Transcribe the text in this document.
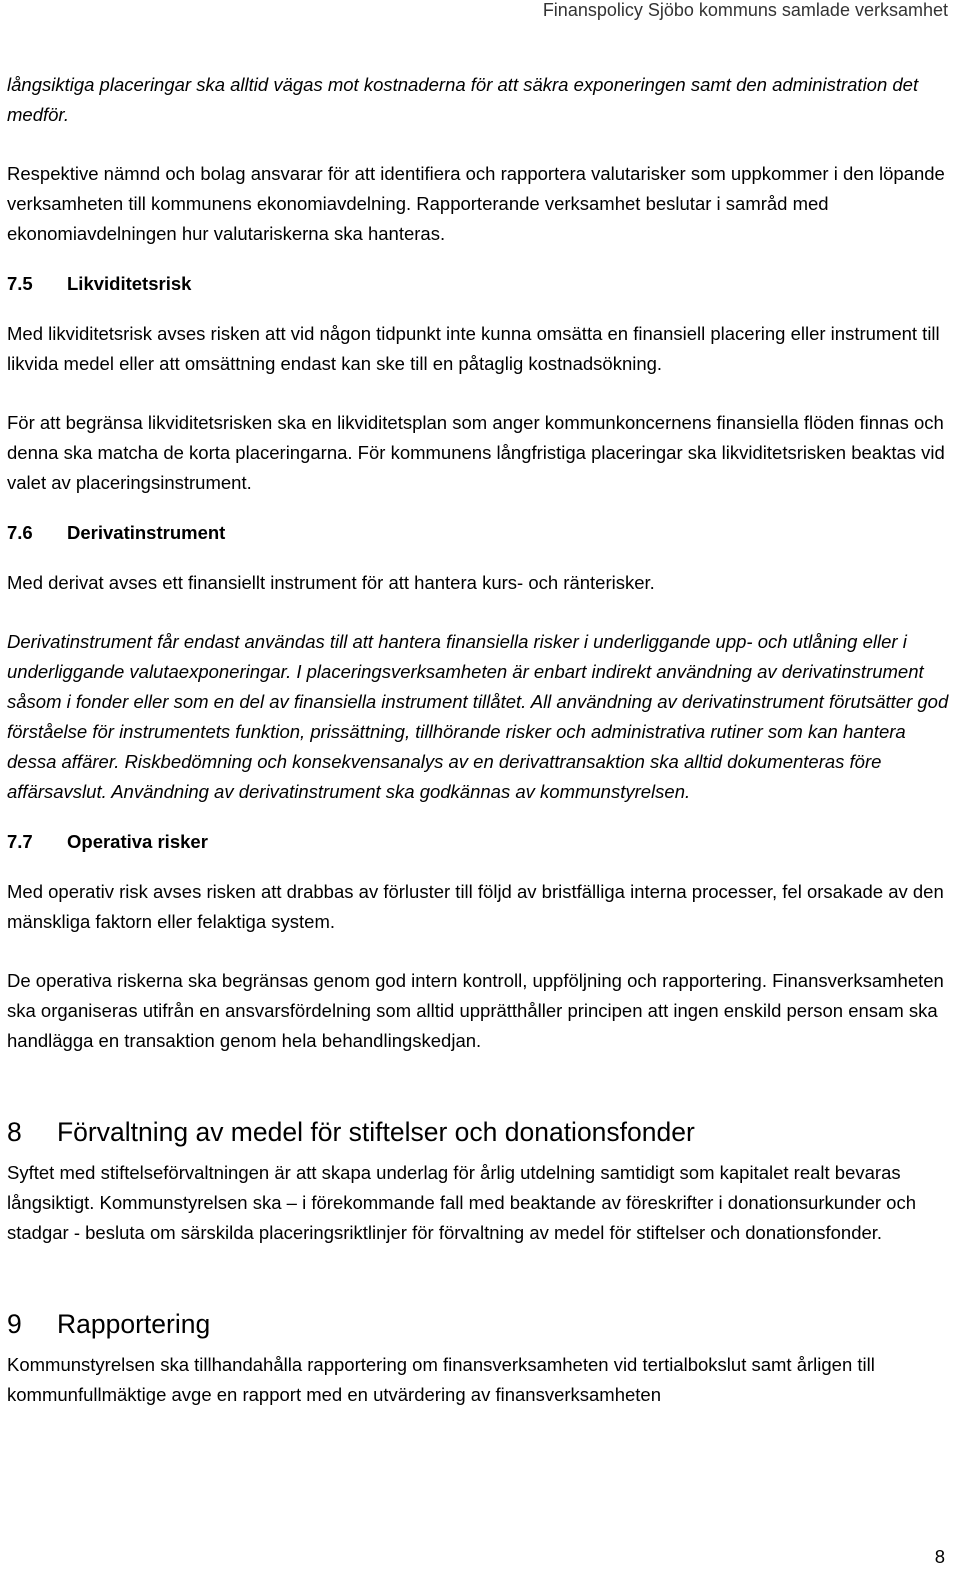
Finanspolicy Sjöbo kommuns samlade verksamhet

långsiktiga placeringar ska alltid vägas mot kostnaderna för att säkra exponeringen samt den administration det medför.

Respektive nämnd och bolag ansvarar för att identifiera och rapportera valutarisker som uppkommer i den löpande verksamheten till kommunens ekonomiavdelning. Rapporterande verksamhet beslutar i samråd med ekonomiavdelningen hur valutariskerna ska hanteras.

7.5	Likviditetsrisk

Med likviditetsrisk avses risken att vid någon tidpunkt inte kunna omsätta en finansiell placering eller instrument till likvida medel eller att omsättning endast kan ske till en påtaglig kostnadsökning.

För att begränsa likviditetsrisken ska en likviditetsplan som anger kommunkoncernens finansiella flöden finnas och denna ska matcha de korta placeringarna. För kommunens långfristiga placeringar ska likviditetsrisken beaktas vid valet av placeringsinstrument.

7.6	Derivatinstrument

Med derivat avses ett finansiellt instrument för att hantera kurs- och ränterisker.

Derivatinstrument får endast användas till att hantera finansiella risker i underliggande upp- och utlåning eller i underliggande valutaexponeringar. I placeringsverksamheten är enbart indirekt användning av derivatinstrument såsom i fonder eller som en del av finansiella instrument tillåtet. All användning av derivatinstrument förutsätter god förståelse för instrumentets funktion, prissättning, tillhörande risker och administrativa rutiner som kan hantera dessa affärer. Riskbedömning och konsekvensanalys av en derivattransaktion ska alltid dokumenteras före affärsavslut. Användning av derivatinstrument ska godkännas av kommunstyrelsen.

7.7	Operativa risker

Med operativ risk avses risken att drabbas av förluster till följd av bristfälliga interna processer, fel orsakade av den mänskliga faktorn eller felaktiga system.

De operativa riskerna ska begränsas genom god intern kontroll, uppföljning och rapportering. Finansverksamheten ska organiseras utifrån en ansvarsfördelning som alltid upprätthåller principen att ingen enskild person ensam ska handlägga en transaktion genom hela behandlingskedjan.

8	Förvaltning av medel för stiftelser och donationsfonder

Syftet med stiftelseförvaltningen är att skapa underlag för årlig utdelning samtidigt som kapitalet realt bevaras långsiktigt. Kommunstyrelsen ska – i förekommande fall med beaktande av föreskrifter i donationsurkunder och stadgar - besluta om särskilda placeringsriktlinjer för förvaltning av medel för stiftelser och donationsfonder.

9	Rapportering

Kommunstyrelsen ska tillhandahålla rapportering om finansverksamheten vid tertialbokslut samt årligen till kommunfullmäktige avge en rapport med en utvärdering av finansverksamheten

8
